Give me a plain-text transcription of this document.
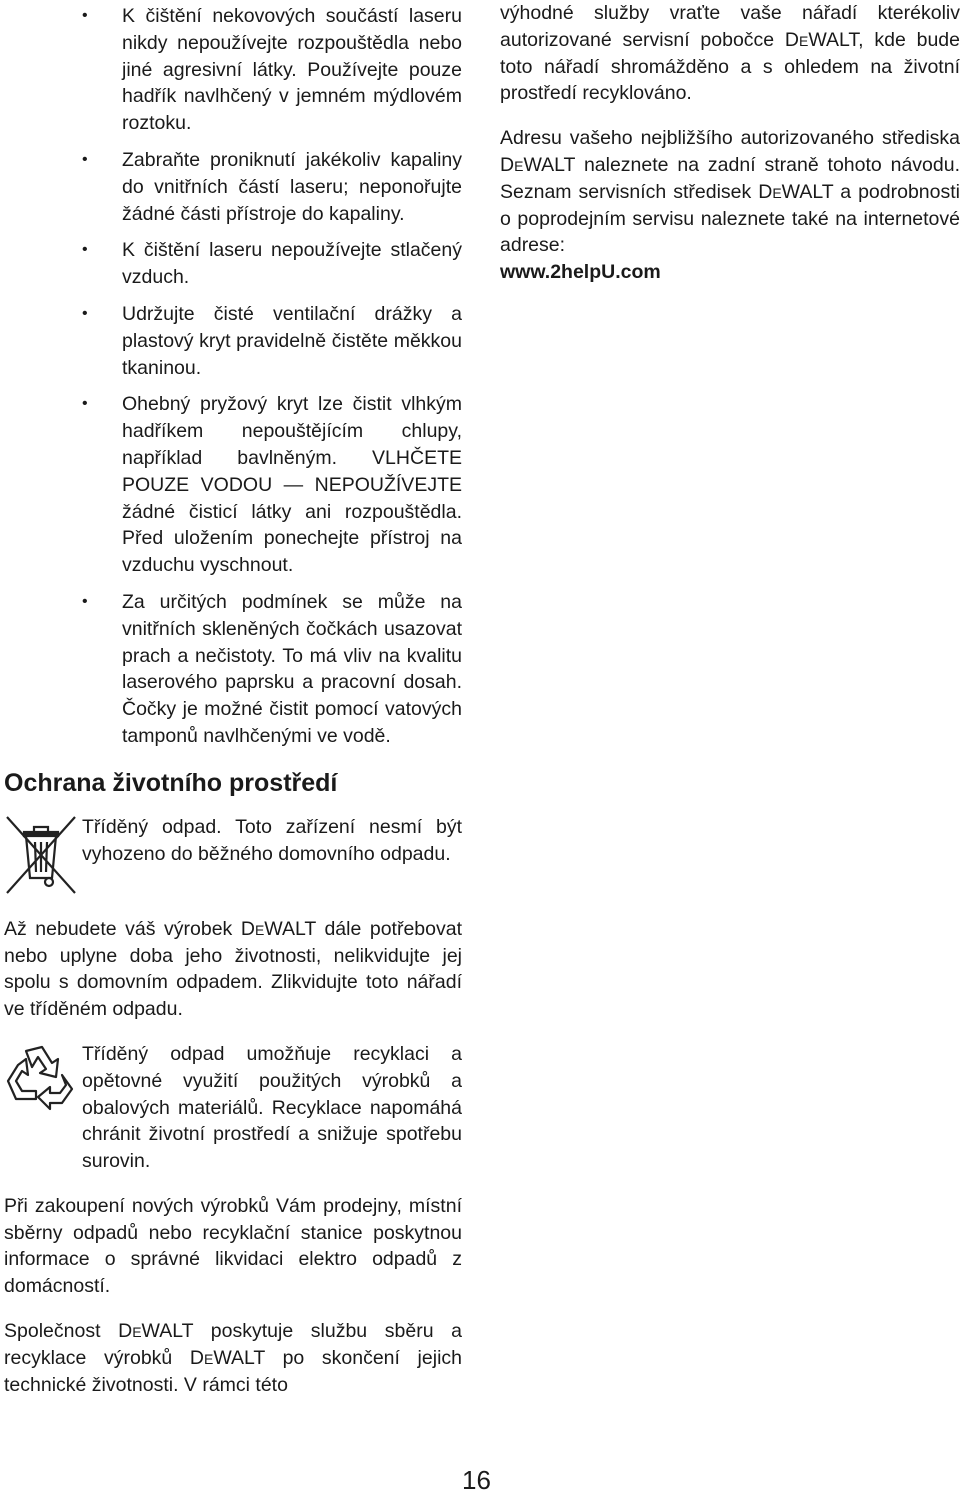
• K čištění nekovových součástí laseru nikdy nepoužívejte rozpouštědla nebo jiné agresivní látky. Používejte pouze hadřík navlhčený v jemném mýdlovém roztoku.
• Zabraňte proniknutí jakékoliv kapaliny do vnitřních částí laseru; neponořujte žádné části přístroje do kapaliny.
• K čištění laseru nepoužívejte stlačený vzduch.
• Udržujte čisté ventilační drážky a plastový kryt pravidelně čistěte měkkou tkaninou.
• Ohebný pryžový kryt lze čistit vlhkým hadříkem nepouštějícím chlupy, například bavlněným. VLHČETE POUZE VODOU — NEPOUŽÍVEJTE žádné čisticí látky ani rozpouštědla. Před uložením ponechejte přístroj na vzduchu vyschnout.
• Za určitých podmínek se může na vnitřních skleněných čočkách usazovat prach a nečistoty. To má vliv na kvalitu laserového paprsku a pracovní dosah. Čočky je možné čistit pomocí vatových tamponů navlhčenými ve vodě.
Ochrana životního prostředí

Tříděný odpad. Toto zařízení nesmí být vyhozeno do běžného domovního odpadu.

Až nebudete váš výrobek DeWALT dále potřebovat nebo uplyne doba jeho životnosti, nelikvidujte jej spolu s domovním odpadem. Zlikvidujte toto nářadí ve tříděném odpadu.

Tříděný odpad umožňuje recyklaci a opětovné využití použitých výrobků a obalových materiálů. Recyklace napomáhá chránit životní prostředí a snižuje spotřebu surovin.

Při zakoupení nových výrobků Vám prodejny, místní sběrny odpadů nebo recyklační stanice poskytnou informace o správné likvidaci elektro odpadů z domácností.

Společnost DeWALT poskytuje službu sběru a recyklace výrobků DeWALT po skončení jejich technické životnosti. V rámci této

výhodné služby vraťte vaše nářadí kterékoliv autorizované servisní pobočce DeWALT, kde bude toto nářadí shromážděno a s ohledem na životní prostředí recyklováno.

Adresu vašeho nejbližšího autorizovaného střediska DeWALT naleznete na zadní straně tohoto návodu. Seznam servisních středisek DeWALT a podrobnosti o poprodejním servisu naleznete také na internetové adrese:
www.2helpU.com

16
